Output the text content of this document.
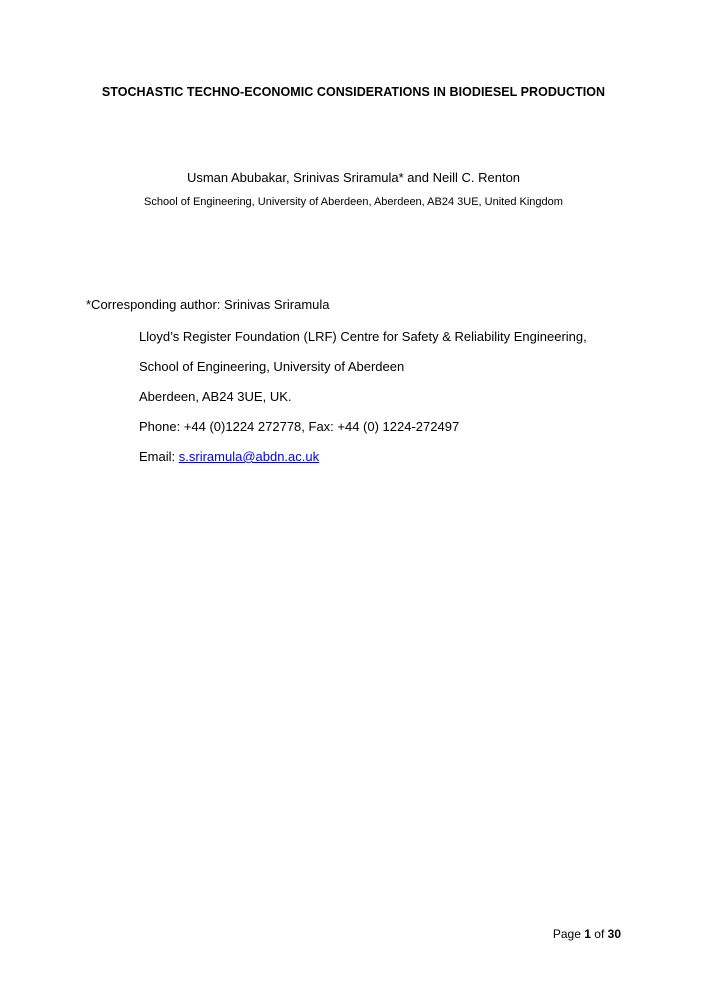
STOCHASTIC TECHNO-ECONOMIC CONSIDERATIONS IN BIODIESEL PRODUCTION
Usman Abubakar, Srinivas Sriramula* and Neill C. Renton
School of Engineering, University of Aberdeen, Aberdeen, AB24 3UE, United Kingdom
*Corresponding author: Srinivas Sriramula
Lloyd’s Register Foundation (LRF) Centre for Safety & Reliability Engineering,
School of Engineering, University of Aberdeen
Aberdeen, AB24 3UE, UK.
Phone: +44 (0)1224 272778, Fax: +44 (0) 1224-272497
Email: s.sriramula@abdn.ac.uk
Page 1 of 30
